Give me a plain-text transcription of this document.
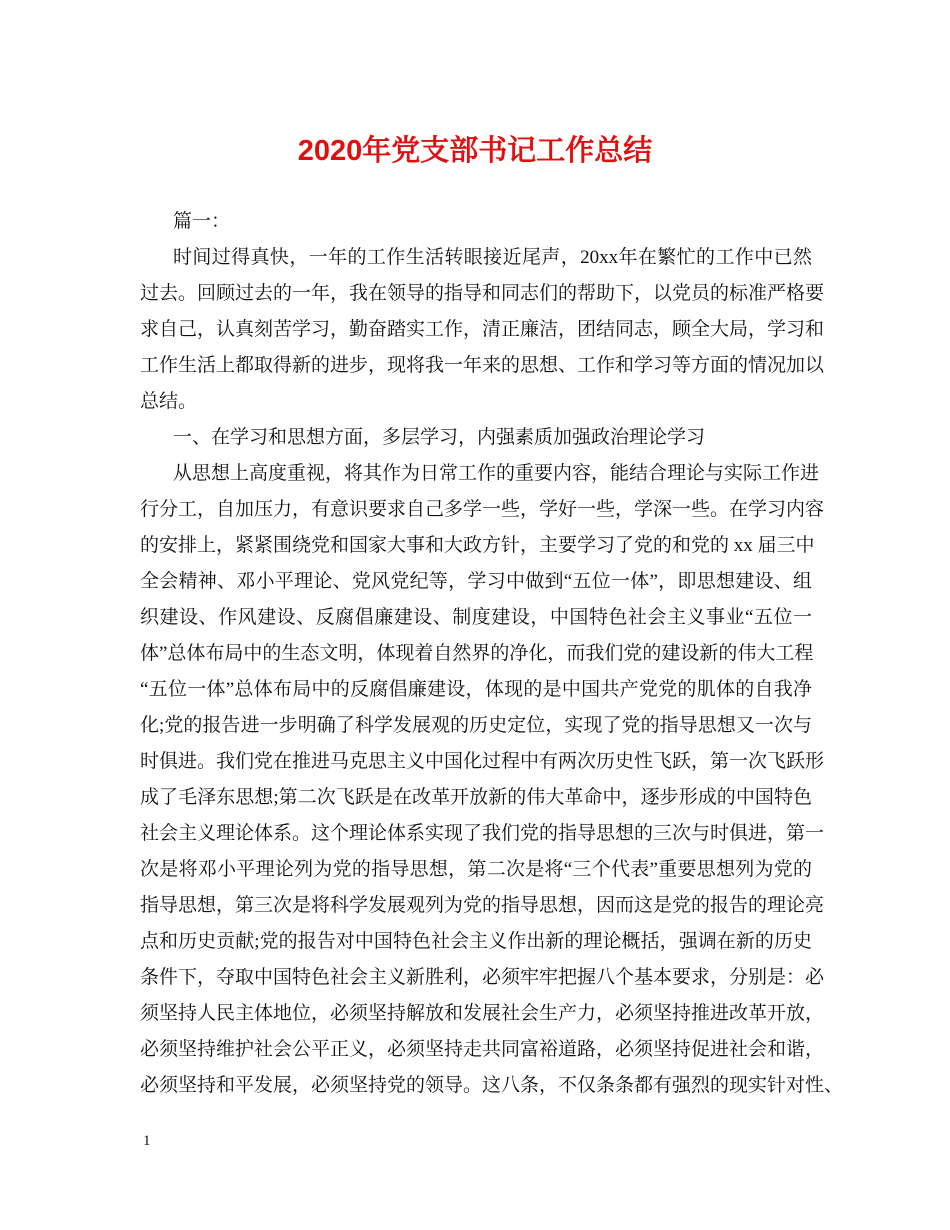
2020年党支部书记工作总结
篇一：
时间过得真快，一年的工作生活转眼接近尾声，20xx年在繁忙的工作中已然
过去。回顾过去的一年，我在领导的指导和同志们的帮助下，以党员的标准严格要
求自己，认真刻苦学习，勤奋踏实工作，清正廉洁，团结同志，顾全大局，学习和
工作生活上都取得新的进步，现将我一年来的思想、工作和学习等方面的情况加以
总结。
一、在学习和思想方面，多层学习，内强素质加强政治理论学习
从思想上高度重视，将其作为日常工作的重要内容，能结合理论与实际工作进
行分工，自加压力，有意识要求自己多学一些，学好一些，学深一些。在学习内容
的安排上，紧紧围绕党和国家大事和大政方针，主要学习了党的和党的 xx 届三中
全会精神、邓小平理论、党风党纪等，学习中做到“五位一体”，即思想建设、组
织建设、作风建设、反腐倡廉建设、制度建设，中国特色社会主义事业“五位一
体”总体布局中的生态文明，体现着自然界的净化，而我们党的建设新的伟大工程
“五位一体”总体布局中的反腐倡廉建设，体现的是中国共产党党的肌体的自我净
化;党的报告进一步明确了科学发展观的历史定位，实现了党的指导思想又一次与
时俱进。我们党在推进马克思主义中国化过程中有两次历史性飞跃，第一次飞跃形
成了毛泽东思想;第二次飞跃是在改革开放新的伟大革命中，逐步形成的中国特色
社会主义理论体系。这个理论体系实现了我们党的指导思想的三次与时俱进，第一
次是将邓小平理论列为党的指导思想，第二次是将“三个代表”重要思想列为党的
指导思想，第三次是将科学发展观列为党的指导思想，因而这是党的报告的理论亮
点和历史贡献;党的报告对中国特色社会主义作出新的理论概括，强调在新的历史
条件下，夺取中国特色社会主义新胜利，必须牢牢把握八个基本要求，分别是：必
须坚持人民主体地位，必须坚持解放和发展社会生产力，必须坚持推进改革开放，
必须坚持维护社会公平正义，必须坚持走共同富裕道路，必须坚持促进社会和谐，
必须坚持和平发展，必须坚持党的领导。这八条，不仅条条都有强烈的现实针对性、
1
